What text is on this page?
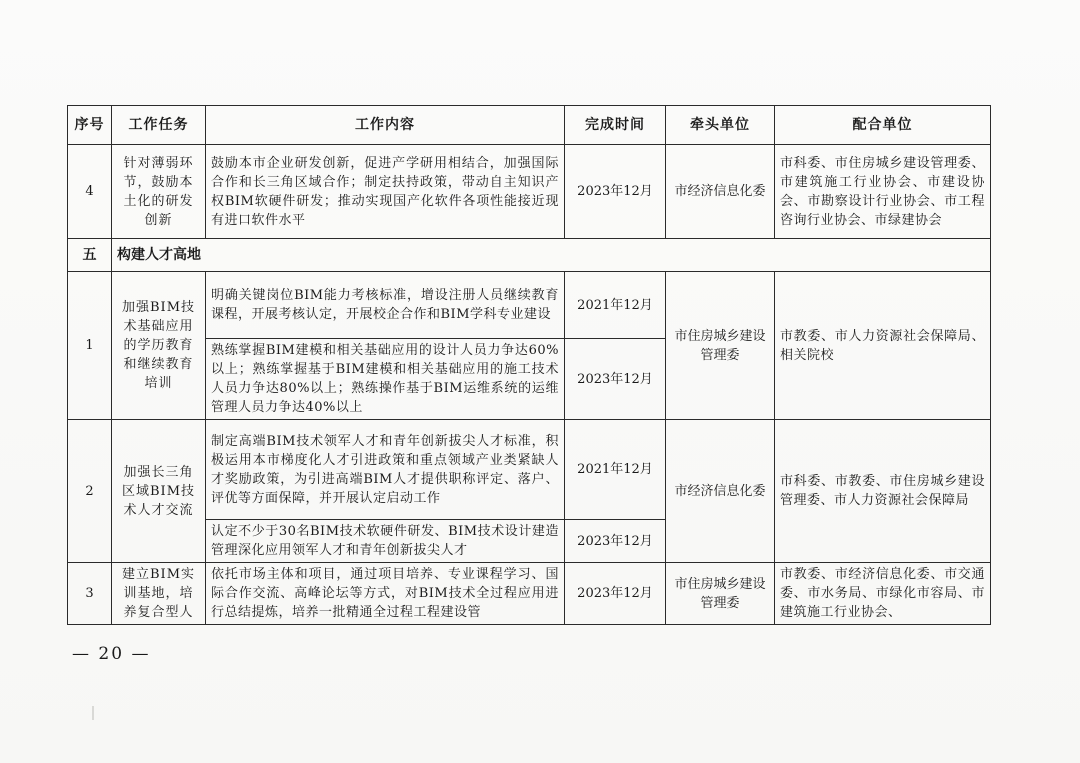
序号	工作任务	工作内容	完成时间	牵头单位	配合单位
4	针对薄弱环节，鼓励本土化的研发创新	鼓励本市企业研发创新，促进产学研用相结合，加强国际合作和长三角区域合作；制定扶持政策，带动自主知识产权BIM软硬件研发；推动实现国产化软件各项性能接近现有进口软件水平	2023年12月	市经济信息化委	市科委、市住房城乡建设管理委、市建筑施工行业协会、市建设协会、市勘察设计行业协会、市工程咨询行业协会、市绿建协会
五	构建人才高地				
1	加强BIM技术基础应用的学历教育和继续教育培训	明确关键岗位BIM能力考核标准，增设注册人员继续教育课程，开展考核认定，开展校企合作和BIM学科专业建设	2021年12月	市住房城乡建设管理委	市教委、市人力资源社会保障局、相关院校
		熟练掌握BIM建模和相关基础应用的设计人员力争达60%以上；熟练掌握基于BIM建模和相关基础应用的施工技术人员力争达80%以上；熟练操作基于BIM运维系统的运维管理人员力争达40%以上	2023年12月		
2	加强长三角区域BIM技术人才交流	制定高端BIM技术领军人才和青年创新拔尖人才标准，积极运用本市梯度化人才引进政策和重点领域产业类紧缺人才奖励政策，为引进高端BIM人才提供职称评定、落户、评优等方面保障，并开展认定启动工作	2021年12月	市经济信息化委	市科委、市教委、市住房城乡建设管理委、市人力资源社会保障局
		认定不少于30名BIM技术软硬件研发、BIM技术设计建造管理深化应用领军人才和青年创新拔尖人才	2023年12月		
3	建立BIM实训基地，培养复合型人	依托市场主体和项目，通过项目培养、专业课程学习、国际合作交流、高峰论坛等方式，对BIM技术全过程应用进行总结提炼，培养一批精通全过程工程建设管	2023年12月	市住房城乡建设管理委	市教委、市经济信息化委、市交通委、市水务局、市绿化市容局、市建筑施工行业协会、
— 20 —
